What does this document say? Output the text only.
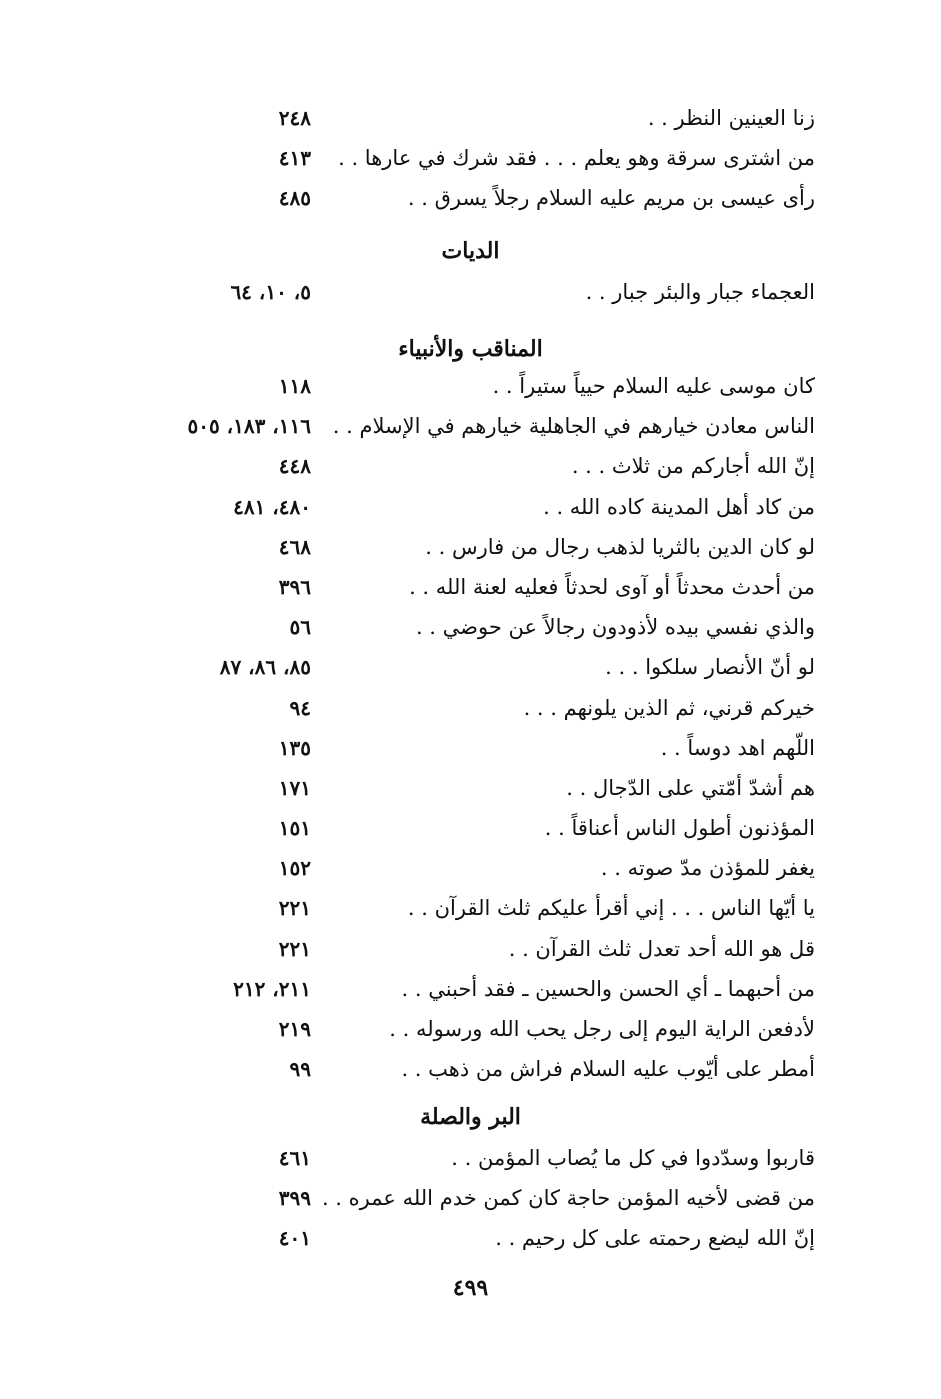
زنا العينين النظر . .
٢٤٨
من اشترى سرقة وهو يعلم . . . فقد شرك في عارها . .
٤١٣
رأى عيسى بن مريم عليه السلام رجلاً يسرق . .
٤٨٥
الديات
العجماء جبار والبئر جبار . .
٥، ١٠، ٦٤
المناقب والأنبياء
كان موسى عليه السلام حيياً ستيراً . .
١١٨
الناس معادن خيارهم في الجاهلية خيارهم في الإسلام . .
١١٦، ١٨٣، ٥٠٥
إنّ الله أجاركم من ثلاث . . .
٤٤٨
من كاد أهل المدينة كاده الله . .
٤٨٠، ٤٨١
لو كان الدين بالثريا لذهب رجال من فارس . .
٤٦٨
من أحدث محدثاً أو آوى لحدثاً فعليه لعنة الله . .
٣٩٦
والذي نفسي بيده لأذودون رجالاً عن حوضي . .
٥٦
لو أنّ الأنصار سلكوا . . .
٨٥، ٨٦، ٨٧
خيركم قرني، ثم الذين يلونهم . . .
٩٤
اللّهم اهد دوساً . .
١٣٥
هم أشدّ أمّتي على الدّجال . .
١٧١
المؤذنون أطول الناس أعناقاً . .
١٥١
يغفر للمؤذن مدّ صوته . .
١٥٢
يا أيّها الناس . . . إني أقرأ عليكم ثلث القرآن . .
٢٢١
قل هو الله أحد تعدل ثلث القرآن . .
٢٢١
من أحبهما ـ أي الحسن والحسين ـ فقد أحبني . .
٢١١، ٢١٢
لأدفعن الراية اليوم إلى رجل يحب الله ورسوله . .
٢١٩
أمطر على أيّوب عليه السلام فراش من ذهب . .
٩٩
البر والصلة
قاربوا وسدّدوا في كل ما يُصاب المؤمن . .
٤٦١
من قضى لأخيه المؤمن حاجة كان كمن خدم الله عمره . .
٣٩٩
إنّ الله ليضع رحمته على كل رحيم . .
٤٠١
٤٩٩
